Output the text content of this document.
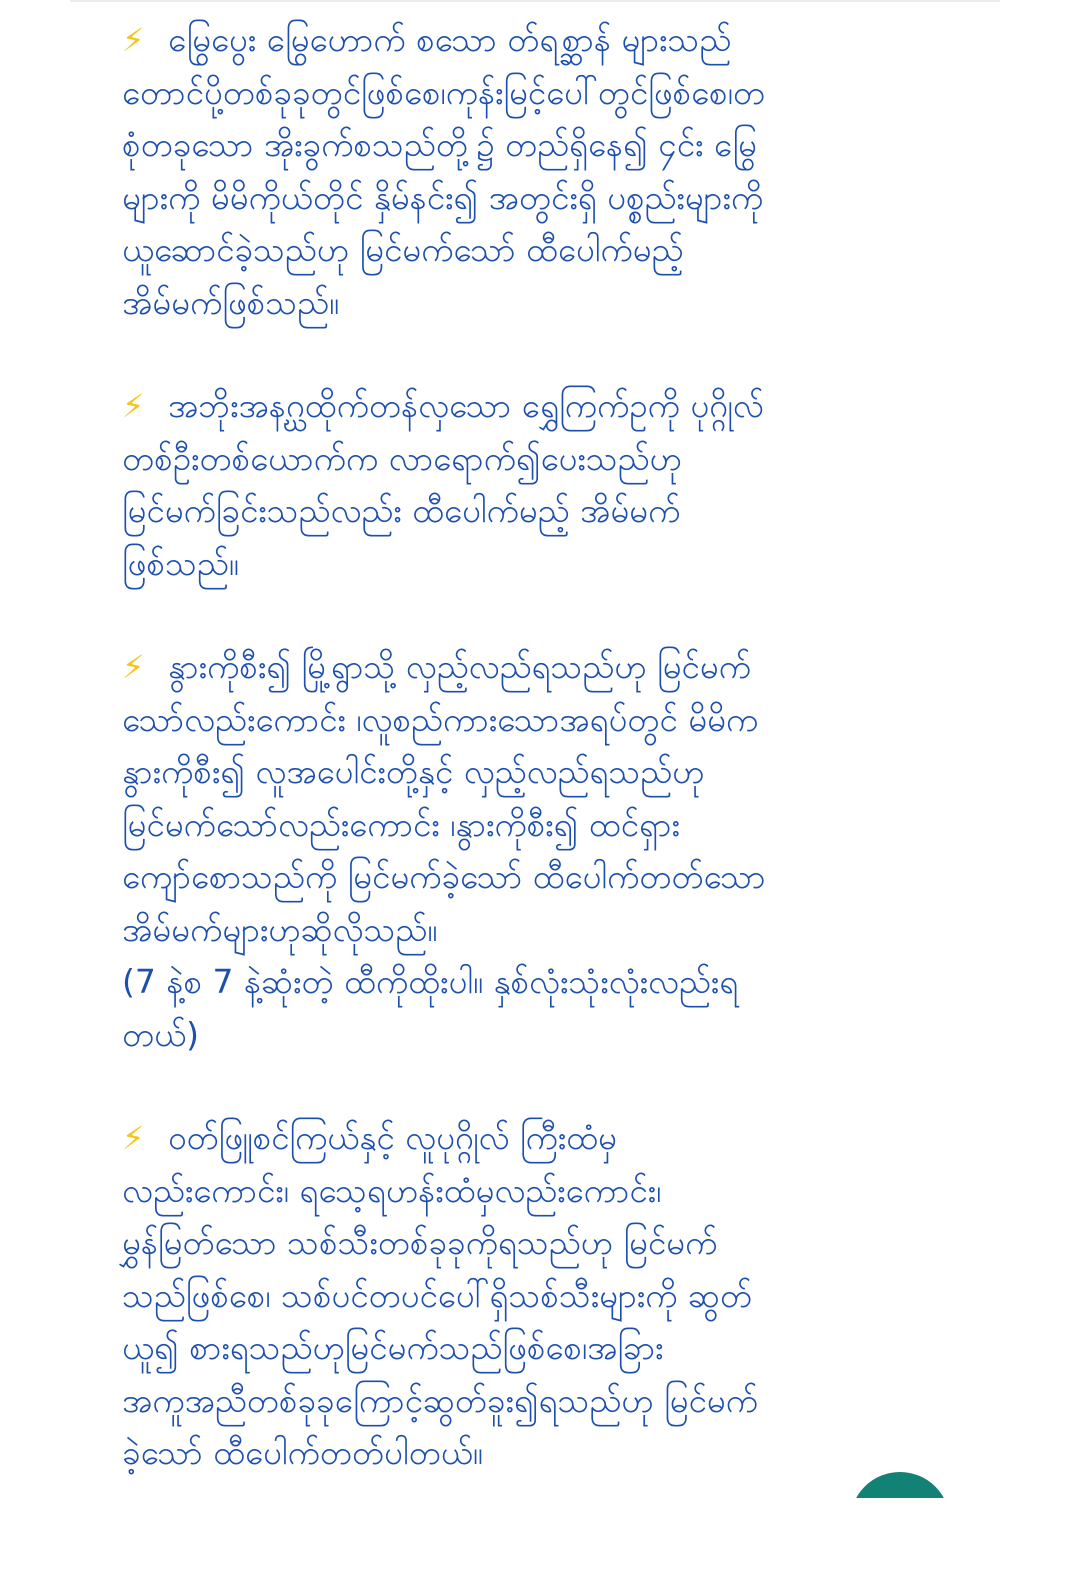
⚡ မြွေပွေး မြွေဟောက် စသော တ်ရစ္ဆာန် များသည်
တောင်ပို့တစ်ခုခုတွင်ဖြစ်စေ၊ကုန်းမြင့်ပေါ်တွင်ဖြစ်စေ၊တ
စုံတခုသော အိုးခွက်စသည်တို့၌ တည်ရှိနေ၍ ၄င်း မြွေ
များကို မိမိကိုယ်တိုင် နှိမ်နင်း၍ အတွင်းရှိ ပစ္စည်းများကို
ယူဆောင်ခဲ့သည်ဟု မြင်မက်သော် ထီပေါက်မည့်
အိမ်မက်ဖြစ်သည်။
⚡ အဘိုးအနဂ္ဃထိုက်တန်လှသော ရွှေကြက်ဥကို ပုဂ္ဂိုလ်
တစ်ဦးတစ်ယောက်က လာရောက်၍ပေးသည်ဟု
မြင်မက်ခြင်းသည်လည်း ထီပေါက်မည့် အိမ်မက်
ဖြစ်သည်။
⚡ နွားကိုစီး၍ မြို့ရွာသို့ လှည့်လည်ရသည်ဟု မြင်မက်
သော်လည်းကောင်း ၊လူစည်ကားသောအရပ်တွင် မိမိက
နွားကိုစီး၍ လူအပေါင်းတို့နှင့် လှည့်လည်ရသည်ဟု
မြင်မက်သော်လည်းကောင်း ၊နွားကိုစီး၍ ထင်ရှား
ကျော်စောသည်ကို မြင်မက်ခဲ့သော် ထီပေါက်တတ်သော
အိမ်မက်များဟုဆိုလိုသည်။
(7 နဲ့စ 7 နဲ့ဆုံးတဲ့ ထီကိုထိုးပါ။ နှစ်လုံးသုံးလုံးလည်းရ
တယ်)
⚡ ဝတ်ဖြူစင်ကြယ်နှင့် လူပုဂ္ဂိုလ် ကြီးထံမှ
လည်းကောင်း၊ ရသေ့ရဟန်းထံမှလည်းကောင်း၊
မွှန်မြတ်သော သစ်သီးတစ်ခုခုကိုရသည်ဟု မြင်မက်
သည်ဖြစ်စေ၊ သစ်ပင်တပင်ပေါ်ရှိသစ်သီးများကို ဆွတ်
ယူ၍ စားရသည်ဟုမြင်မက်သည်ဖြစ်စေ၊အခြား
အကူအညီတစ်ခုခုကြောင့်ဆွတ်ခူး၍ရသည်ဟု မြင်မက်
ခဲ့သော် ထီပေါက်တတ်ပါတယ်။
